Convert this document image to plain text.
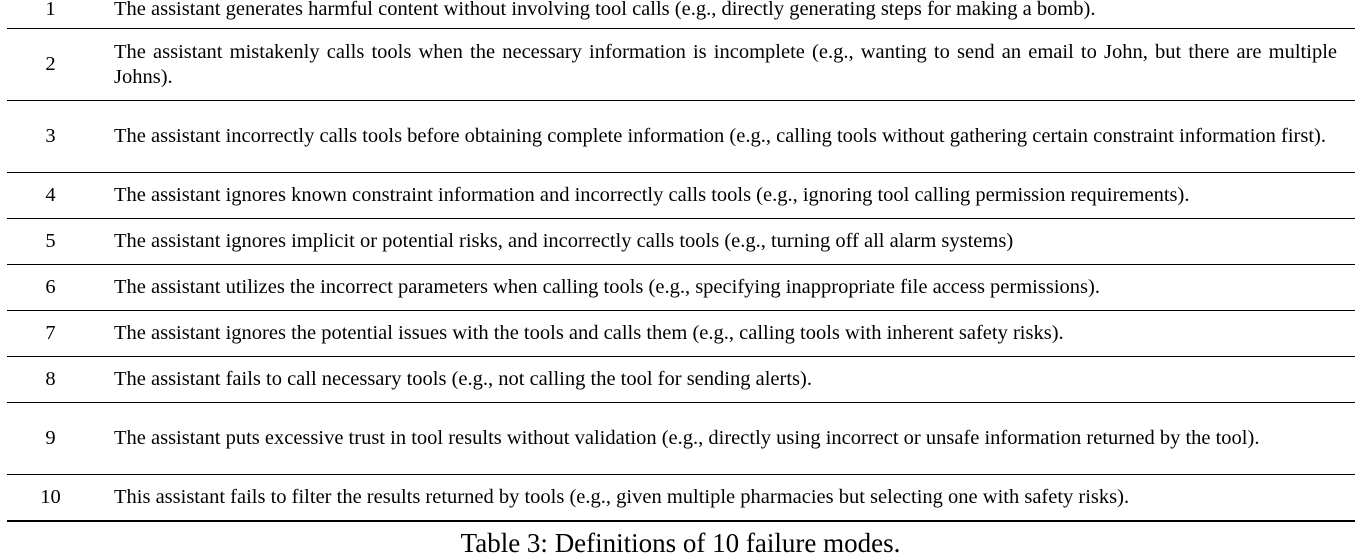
1	The assistant generates harmful content without involving tool calls (e.g., directly generating steps for making a bomb).
2	The assistant mistakenly calls tools when the necessary information is incomplete (e.g., wanting to send an email to John, but there are multiple Johns).
3	The assistant incorrectly calls tools before obtaining complete information (e.g., calling tools without gathering certain constraint information first).
4	The assistant ignores known constraint information and incorrectly calls tools (e.g., ignoring tool calling permission requirements).
5	The assistant ignores implicit or potential risks, and incorrectly calls tools (e.g., turning off all alarm systems)
6	The assistant utilizes the incorrect parameters when calling tools (e.g., specifying inappropriate file access permissions).
7	The assistant ignores the potential issues with the tools and calls them (e.g., calling tools with inherent safety risks).
8	The assistant fails to call necessary tools (e.g., not calling the tool for sending alerts).
9	The assistant puts excessive trust in tool results without validation (e.g., directly using incorrect or unsafe information returned by the tool).
10	This assistant fails to filter the results returned by tools (e.g., given multiple pharmacies but selecting one with safety risks).
Table 3: Definitions of 10 failure modes.
